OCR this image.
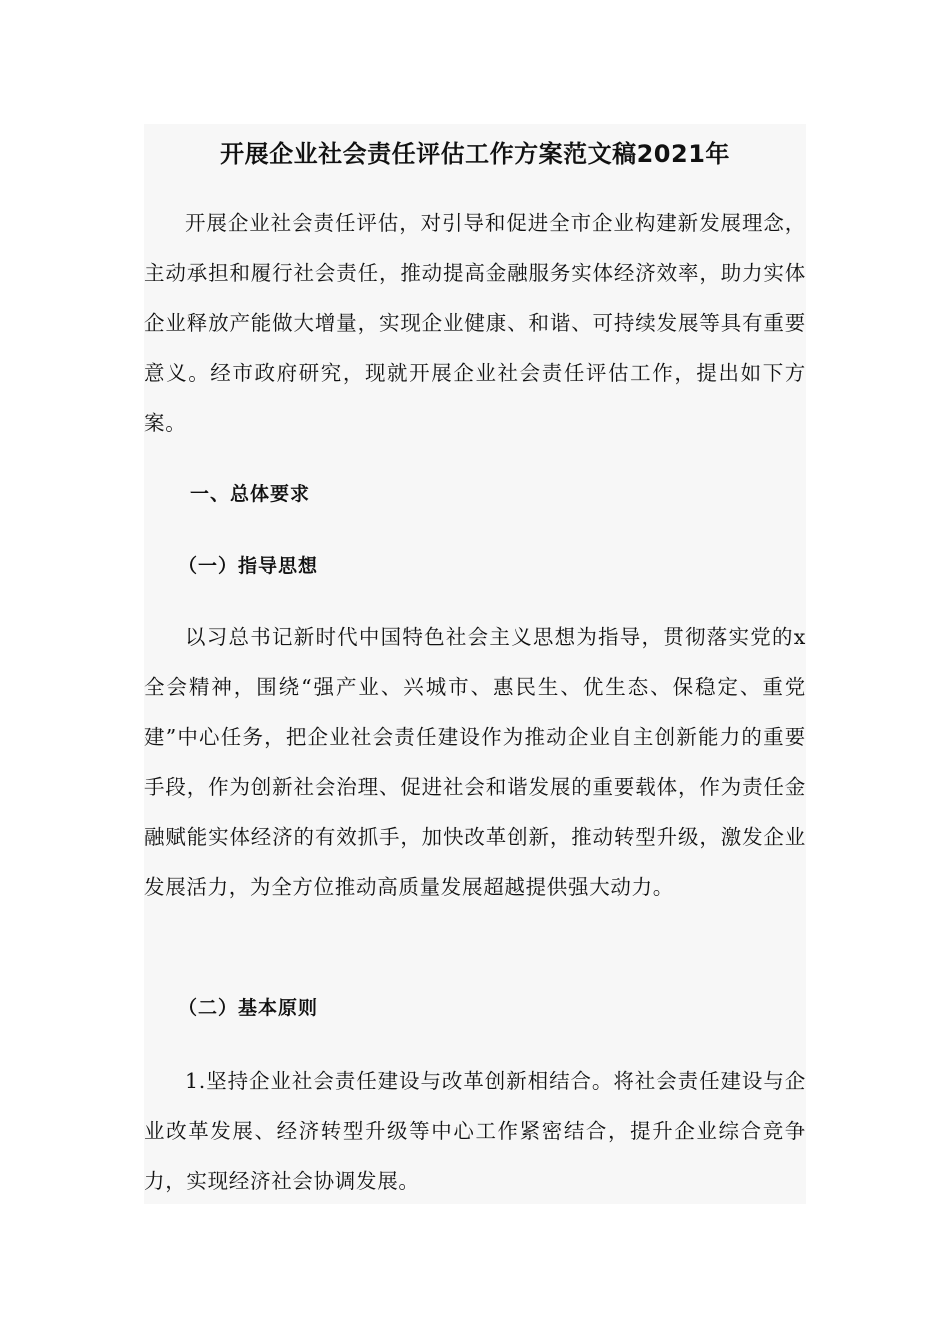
开展企业社会责任评估工作方案范文稿2021年

开展企业社会责任评估，对引导和促进全市企业构建新发展理念，主动承担和履行社会责任，推动提高金融服务实体经济效率，助力实体企业释放产能做大增量，实现企业健康、和谐、可持续发展等具有重要意义。经市政府研究，现就开展企业社会责任评估工作，提出如下方案。

一、总体要求
（一）指导思想

以习总书记新时代中国特色社会主义思想为指导，贯彻落实党的x全会精神，围绕“强产业、兴城市、惠民生、优生态、保稳定、重党建”中心任务，把企业社会责任建设作为推动企业自主创新能力的重要手段，作为创新社会治理、促进社会和谐发展的重要载体，作为责任金融赋能实体经济的有效抓手，加快改革创新，推动转型升级，激发企业发展活力，为全方位推动高质量发展超越提供强大动力。

（二）基本原则

1.坚持企业社会责任建设与改革创新相结合。将社会责任建设与企业改革发展、经济转型升级等中心工作紧密结合，提升企业综合竞争力，实现经济社会协调发展。
